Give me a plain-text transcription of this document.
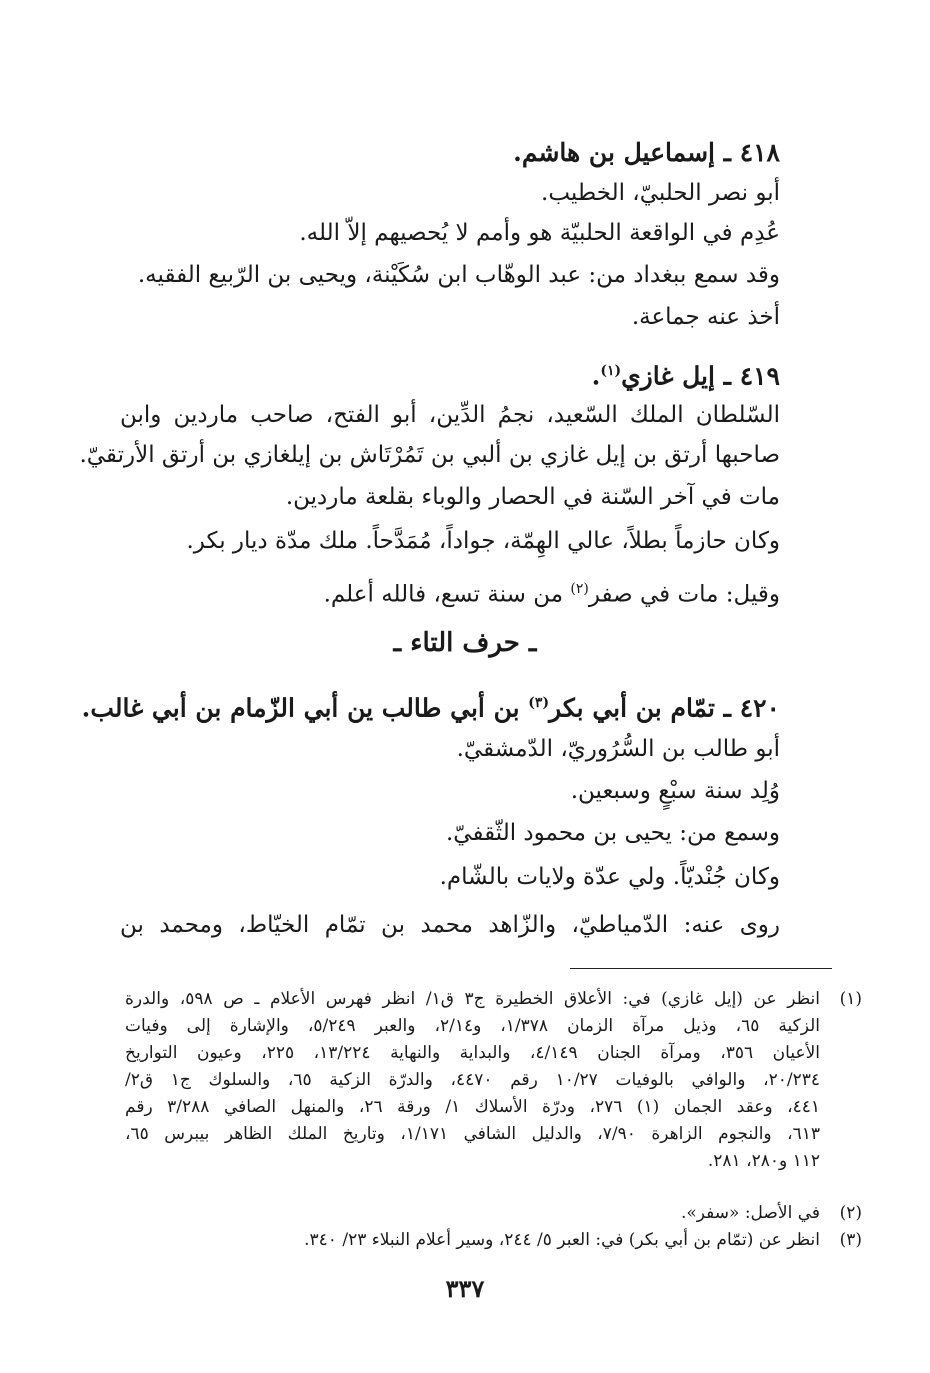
٤١٨ ـ إسماعيل بن هاشم.
أبو نصر الحلبيّ، الخطيب.
عُدِم في الواقعة الحلبيّة هو وأمم لا يُحصيهم إلاّ الله.
وقد سمع ببغداد من: عبد الوهّاب ابن سُكَيْنة، ويحيى بن الرّبيع الفقيه.
أخذ عنه جماعة.
٤١٩ ـ إيل غازي$^{(١)}$.
السّلطان الملك السّعيد، نجمُ الدِّين، أبو الفتح، صاحب ماردين وابن
صاحبها أرتق بن إيل غازي بن ألبي بن تَمُرْتَاش بن إيلغازي بن أرتق الأرتقيّ.
مات في آخر السّنة في الحصار والوباء بقلعة ماردين.
وكان حازماً بطلاً، عالي الهِمّة، جواداً، مُمَدَّحاً. ملك مدّة ديار بكر.
وقيل: مات في صفر$^{(٢)}$ من سنة تسع، فالله أعلم.
ـ حرف التاء ـ
٤٢٠ ـ تمّام بن أبي بكر$^{(٣)}$ بن أبي طالب ين أبي الزّمام بن أبي غالب.
أبو طالب بن السُّرُوريّ، الدّمشقيّ.
وُلِد سنة سبْعٍ وسبعين.
وسمع من: يحيى بن محمود الثّقفيّ.
وكان جُنْديّاً. ولي عدّة ولايات بالشّام.
روى عنه: الدّمياطيّ، والزّاهد محمد بن تمّام الخيّاط، ومحمد بن
(١)
انظر عن (إيل غازي) في: الأعلاق الخطيرة ج٣ ق١/ انظر فهرس الأعلام ـ ص ٥٩٨، والدرة
الزكية ٦٥، وذيل مرآة الزمان ١/٣٧٨، و٢/١٤، والعبر ٥/٢٤٩، والإشارة إلى وفيات
الأعيان ٣٥٦، ومرآة الجنان ٤/١٤٩، والبداية والنهاية ١٣/٢٢٤، ٢٢٥، وعيون التواريخ
٢٠/٢٣٤، والوافي بالوفيات ١٠/٢٧ رقم ٤٤٧٠، والدرّة الزكية ٦٥، والسلوك ج١ ق٢/
٤٤١، وعقد الجمان (١) ٢٧٦، ودرّة الأسلاك ١/ ورقة ٢٦، والمنهل الصافي ٣/٢٨٨ رقم
٦١٣، والنجوم الزاهرة ٧/٩٠، والدليل الشافي ١/١٧١، وتاريخ الملك الظاهر بيبرس ٦٥،
١١٢ و٢٨٠، ٢٨١.
(٢)
في الأصل: «سفر».
(٣)
انظر عن (تمّام بن أبي بكر) في: العبر ٥/ ٢٤٤، وسير أعلام النبلاء ٢٣/ ٣٤٠.
٣٣٧
